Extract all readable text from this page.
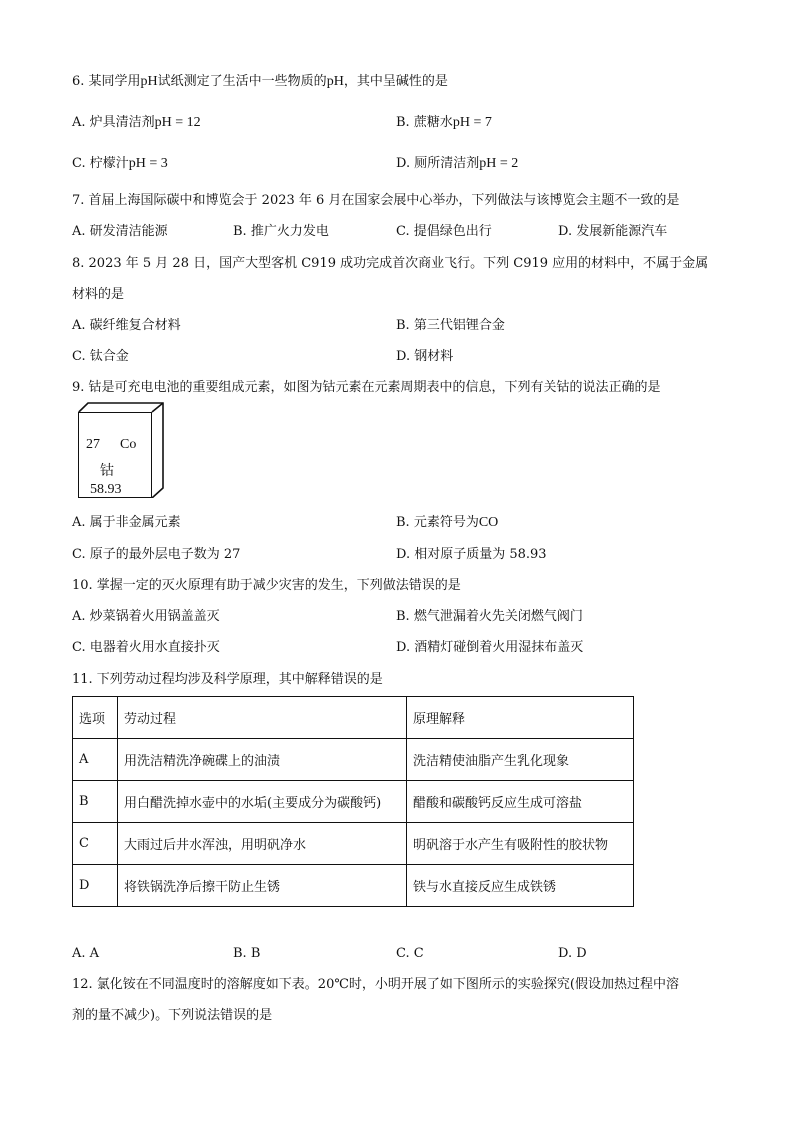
6. 某同学用pH试纸测定了生活中一些物质的pH，其中呈碱性的是
A. 炉具清洁剂pH = 12	B. 蔗糖水pH = 7
C. 柠檬汁pH = 3	D. 厕所清洁剂pH = 2
7. 首届上海国际碳中和博览会于 2023 年 6 月在国家会展中心举办，下列做法与该博览会主题不一致的是
A. 研发清洁能源	B. 推广火力发电	C. 提倡绿色出行	D. 发展新能源汽车
8. 2023 年 5 月 28 日，国产大型客机 C919 成功完成首次商业飞行。下列 C919 应用的材料中，不属于金属
材料的是
A. 碳纤维复合材料	B. 第三代铝锂合金
C. 钛合金	D. 钢材料
9. 钴是可充电电池的重要组成元素，如图为钴元素在元素周期表中的信息，下列有关钴的说法正确的是
27 Co
钴
58.93
A. 属于非金属元素	B. 元素符号为CO
C. 原子的最外层电子数为 27	D. 相对原子质量为 58.93
10. 掌握一定的灭火原理有助于减少灾害的发生，下列做法错误的是
A. 炒菜锅着火用锅盖盖灭	B. 燃气泄漏着火先关闭燃气阀门
C. 电器着火用水直接扑灭	D. 酒精灯碰倒着火用湿抹布盖灭
11. 下列劳动过程均涉及科学原理，其中解释错误的是
选项	劳动过程	原理解释
A	用洗洁精洗净碗碟上的油渍	洗洁精使油脂产生乳化现象
B	用白醋洗掉水壶中的水垢(主要成分为碳酸钙)	醋酸和碳酸钙反应生成可溶盐
C	大雨过后井水浑浊，用明矾净水	明矾溶于水产生有吸附性的胶状物
D	将铁锅洗净后擦干防止生锈	铁与水直接反应生成铁锈
A. A	B. B	C. C	D. D
12. 氯化铵在不同温度时的溶解度如下表。20℃时，小明开展了如下图所示的实验探究(假设加热过程中溶
剂的量不减少)。下列说法错误的是
